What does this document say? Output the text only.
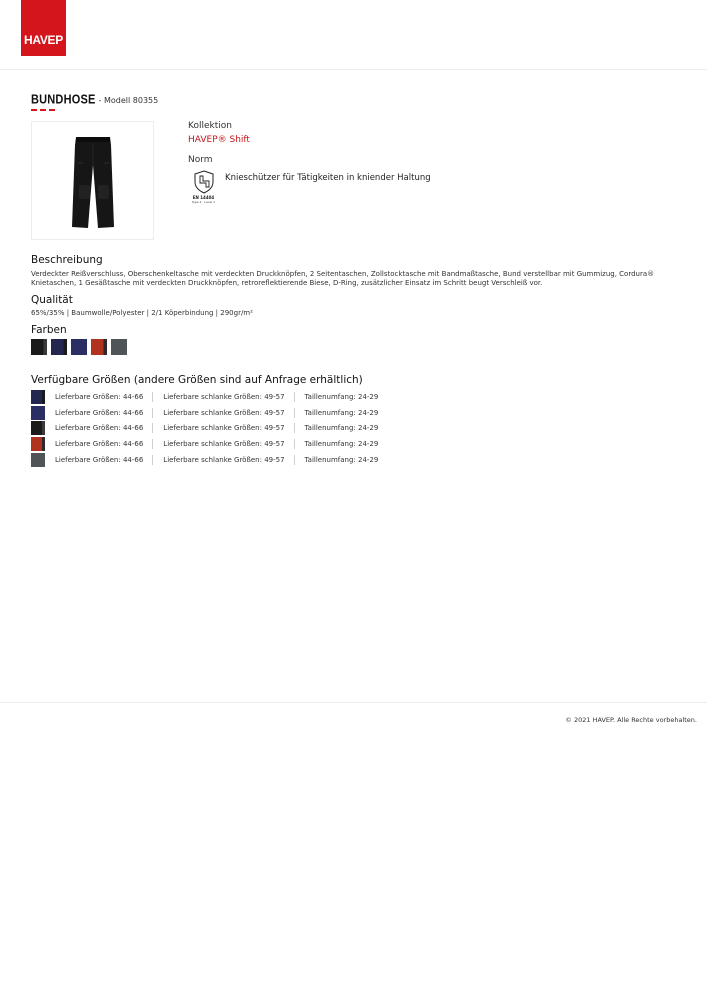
HAVEP
BUNDHOSE - Modell 80355
Kollektion
HAVEP® Shift
Norm
EN 14404
Type 2 · Level 1
Knieschützer für Tätigkeiten in kniender Haltung
Beschreibung
Verdeckter Reißverschluss, Oberschenkeltasche mit verdeckten Druckknöpfen, 2 Seitentaschen, Zollstocktasche mit Bandmaßtasche, Bund verstellbar mit Gummizug, Cordura® Knietaschen, 1 Gesäßtasche mit verdeckten Druckknöpfen, retroreflektierende Biese, D-Ring, zusätzlicher Einsatz im Schritt beugt Verschleiß vor.
Qualität
65%/35% | Baumwolle/Polyester | 2/1 Köperbindung | 290gr/m²
Farben
Verfügbare Größen (andere Größen sind auf Anfrage erhältlich)
Lieferbare Größen: 44-66	Lieferbare schlanke Größen: 49-57	Taillenumfang: 24-29
Lieferbare Größen: 44-66	Lieferbare schlanke Größen: 49-57	Taillenumfang: 24-29
Lieferbare Größen: 44-66	Lieferbare schlanke Größen: 49-57	Taillenumfang: 24-29
Lieferbare Größen: 44-66	Lieferbare schlanke Größen: 49-57	Taillenumfang: 24-29
Lieferbare Größen: 44-66	Lieferbare schlanke Größen: 49-57	Taillenumfang: 24-29
© 2021 HAVEP. Alle Rechte vorbehalten.
